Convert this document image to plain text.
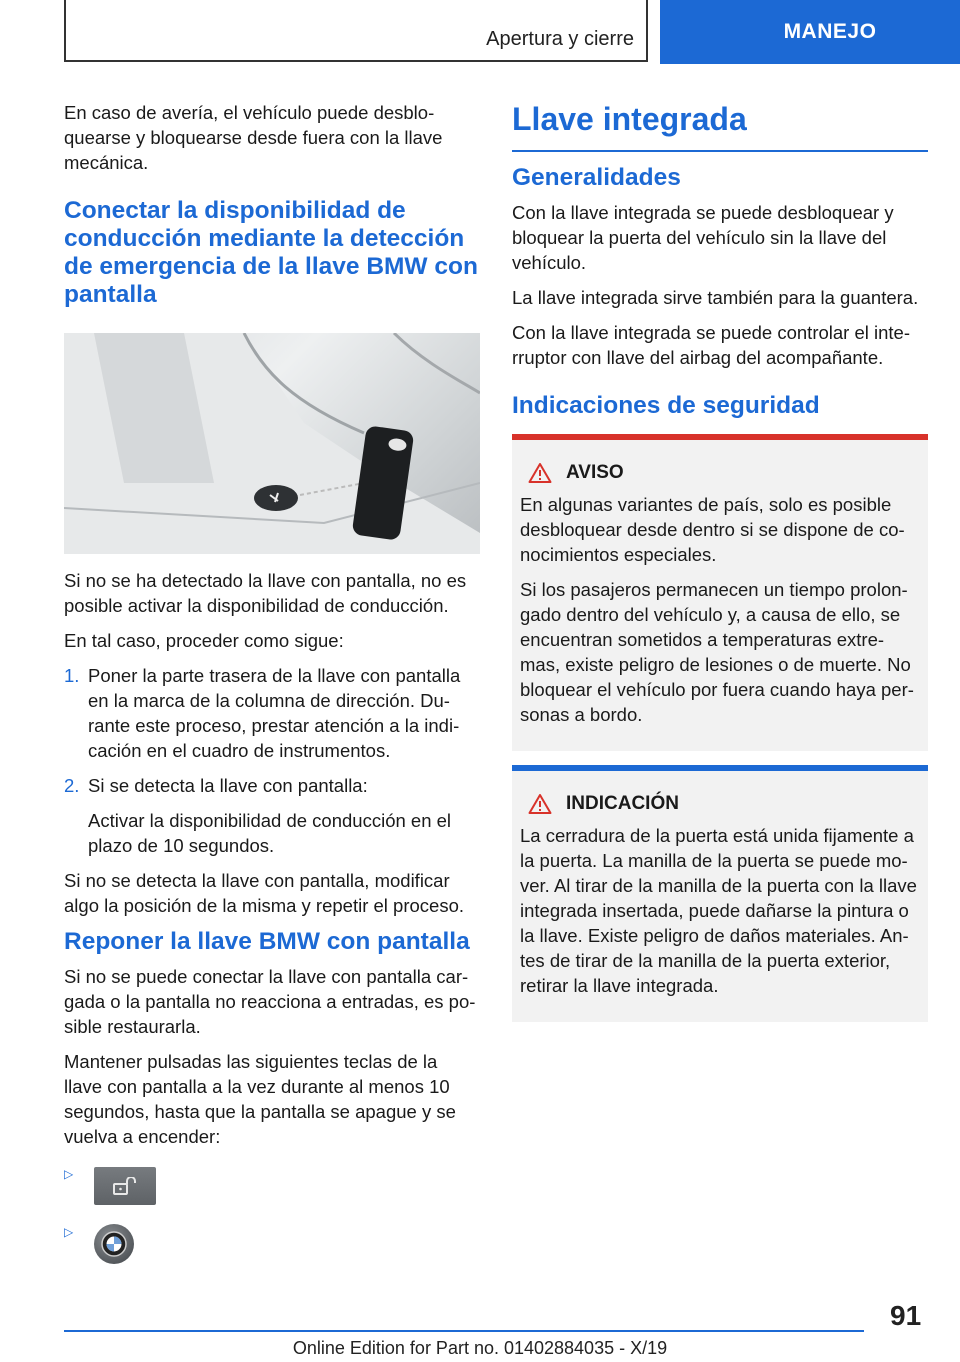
Apertura y cierre	MANEJO

En caso de avería, el vehículo puede desblo-quearse y bloquearse desde fuera con la llave mecánica.

Conectar la disponibilidad de conducción mediante la detección de emergencia de la llave BMW con pantalla

Si no se ha detectado la llave con pantalla, no es posible activar la disponibilidad de conducción.

En tal caso, proceder como sigue:

1. Poner la parte trasera de la llave con pantalla en la marca de la columna de dirección. Du-rante este proceso, prestar atención a la indi-cación en el cuadro de instrumentos.
2. Si se detecta la llave con pantalla:

Activar la disponibilidad de conducción en el plazo de 10 segundos.

Si no se detecta la llave con pantalla, modificar algo la posición de la misma y repetir el proceso.

Reponer la llave BMW con pantalla

Si no se puede conectar la llave con pantalla car-gada o la pantalla no reacciona a entradas, es po-sible restaurarla.

Mantener pulsadas las siguientes teclas de la llave con pantalla a la vez durante al menos 10 segundos, hasta que la pantalla se apague y se vuelva a encender:

▷
▷
Llave integrada
Generalidades

Con la llave integrada se puede desbloquear y bloquear la puerta del vehículo sin la llave del vehículo.

La llave integrada sirve también para la guantera.

Con la llave integrada se puede controlar el inte-rruptor con llave del airbag del acompañante.

Indicaciones de seguridad
AVISO

En algunas variantes de país, solo es posible desbloquear desde dentro si se dispone de co-nocimientos especiales.

Si los pasajeros permanecen un tiempo prolon-gado dentro del vehículo y, a causa de ello, se encuentran sometidos a temperaturas extre-mas, existe peligro de lesiones o de muerte. No bloquear el vehículo por fuera cuando haya per-sonas a bordo.

INDICACIÓN

La cerradura de la puerta está unida fijamente a la puerta. La manilla de la puerta se puede mo-ver. Al tirar de la manilla de la puerta con la llave integrada insertada, puede dañarse la pintura o la llave. Existe peligro de daños materiales. An-tes de tirar de la manilla de la puerta exterior, retirar la llave integrada.

91
Online Edition for Part no. 01402884035 - X/19
